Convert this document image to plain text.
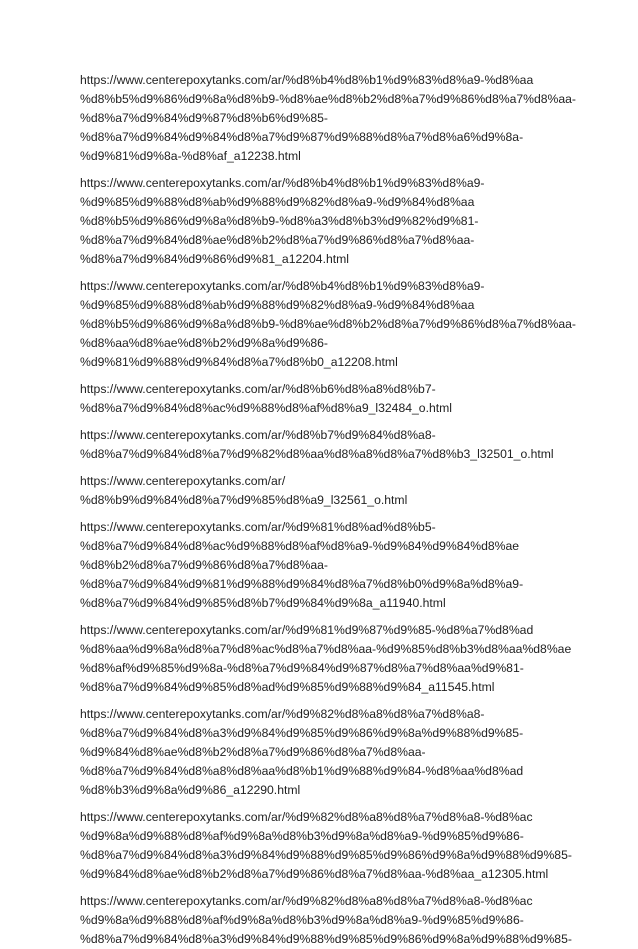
https://www.centerepoxytanks.com/ar/%d8%b4%d8%b1%d9%83%d8%a9-%d8%aa
%d8%b5%d9%86%d9%8a%d8%b9-%d8%ae%d8%b2%d8%a7%d9%86%d8%a7%d8%aa-
%d8%a7%d9%84%d9%87%d8%b6%d9%85-
%d8%a7%d9%84%d9%84%d8%a7%d9%87%d9%88%d8%a7%d8%a6%d9%8a-
%d9%81%d9%8a-%d8%af_a12238.html
https://www.centerepoxytanks.com/ar/%d8%b4%d8%b1%d9%83%d8%a9-
%d9%85%d9%88%d8%ab%d9%88%d9%82%d8%a9-%d9%84%d8%aa
%d8%b5%d9%86%d9%8a%d8%b9-%d8%a3%d8%b3%d9%82%d9%81-
%d8%a7%d9%84%d8%ae%d8%b2%d8%a7%d9%86%d8%a7%d8%aa-
%d8%a7%d9%84%d9%86%d9%81_a12204.html
https://www.centerepoxytanks.com/ar/%d8%b4%d8%b1%d9%83%d8%a9-
%d9%85%d9%88%d8%ab%d9%88%d9%82%d8%a9-%d9%84%d8%aa
%d8%b5%d9%86%d9%8a%d8%b9-%d8%ae%d8%b2%d8%a7%d9%86%d8%a7%d8%aa-
%d8%aa%d8%ae%d8%b2%d9%8a%d9%86-
%d9%81%d9%88%d9%84%d8%a7%d8%b0_a12208.html
https://www.centerepoxytanks.com/ar/%d8%b6%d8%a8%d8%b7-
%d8%a7%d9%84%d8%ac%d9%88%d8%af%d8%a9_l32484_o.html
https://www.centerepoxytanks.com/ar/%d8%b7%d9%84%d8%a8-
%d8%a7%d9%84%d8%a7%d9%82%d8%aa%d8%a8%d8%a7%d8%b3_l32501_o.html
https://www.centerepoxytanks.com/ar/
%d8%b9%d9%84%d8%a7%d9%85%d8%a9_l32561_o.html
https://www.centerepoxytanks.com/ar/%d9%81%d8%ad%d8%b5-
%d8%a7%d9%84%d8%ac%d9%88%d8%af%d8%a9-%d9%84%d9%84%d8%ae
%d8%b2%d8%a7%d9%86%d8%a7%d8%aa-
%d8%a7%d9%84%d9%81%d9%88%d9%84%d8%a7%d8%b0%d9%8a%d8%a9-
%d8%a7%d9%84%d9%85%d8%b7%d9%84%d9%8a_a11940.html
https://www.centerepoxytanks.com/ar/%d9%81%d9%87%d9%85-%d8%a7%d8%ad
%d8%aa%d9%8a%d8%a7%d8%ac%d8%a7%d8%aa-%d9%85%d8%b3%d8%aa%d8%ae
%d8%af%d9%85%d9%8a-%d8%a7%d9%84%d9%87%d8%a7%d8%aa%d9%81-
%d8%a7%d9%84%d9%85%d8%ad%d9%85%d9%88%d9%84_a11545.html
https://www.centerepoxytanks.com/ar/%d9%82%d8%a8%d8%a7%d8%a8-
%d8%a7%d9%84%d8%a3%d9%84%d9%85%d9%86%d9%8a%d9%88%d9%85-
%d9%84%d8%ae%d8%b2%d8%a7%d9%86%d8%a7%d8%aa-
%d8%a7%d9%84%d8%a8%d8%aa%d8%b1%d9%88%d9%84-%d8%aa%d8%ad
%d8%b3%d9%8a%d9%86_a12290.html
https://www.centerepoxytanks.com/ar/%d9%82%d8%a8%d8%a7%d8%a8-%d8%ac
%d9%8a%d9%88%d8%af%d9%8a%d8%b3%d9%8a%d8%a9-%d9%85%d9%86-
%d8%a7%d9%84%d8%a3%d9%84%d9%88%d9%85%d9%86%d9%8a%d9%88%d9%85-
%d9%84%d8%ae%d8%b2%d8%a7%d9%86%d8%a7%d8%aa-%d8%aa_a12305.html
https://www.centerepoxytanks.com/ar/%d9%82%d8%a8%d8%a7%d8%a8-%d8%ac
%d9%8a%d9%88%d8%af%d9%8a%d8%b3%d9%8a%d8%a9-%d9%85%d9%86-
%d8%a7%d9%84%d8%a3%d9%84%d9%88%d9%85%d9%86%d9%8a%d9%88%d9%85-
